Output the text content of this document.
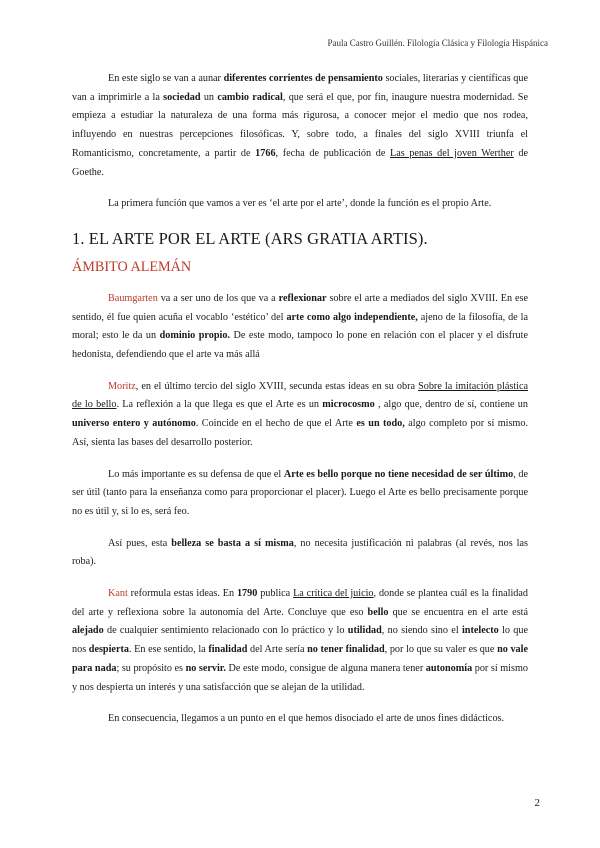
Paula Castro Guillén. Filología Clásica y Filología Hispánica

En este siglo se van a aunar diferentes corrientes de pensamiento sociales, literarias y científicas que van a imprimirle a la sociedad un cambio radical, que será el que, por fin, inaugure nuestra modernidad. Se empieza a estudiar la naturaleza de una forma más rigurosa, a conocer mejor el medio que nos rodea, influyendo en nuestras percepciones filosóficas. Y, sobre todo, a finales del siglo XVIII triunfa el Romanticismo, concretamente, a partir de 1766, fecha de publicación de Las penas del joven Werther de Goethe.

La primera función que vamos a ver es ‘el arte por el arte’, donde la función es el propio Arte.

1. EL ARTE POR EL ARTE (ARS GRATIA ARTIS).
ÁMBITO ALEMÁN

Baumgarten va a ser uno de los que va a reflexionar sobre el arte a mediados del siglo XVIII. En ese sentido, él fue quien acuña el vocablo ‘estético’ del arte como algo independiente, ajeno de la filosofía, de la moral; esto le da un dominio propio. De este modo, tampoco lo pone en relación con el placer y el disfrute hedonista, defendiendo que el arte va más allá

Moritz, en el último tercio del siglo XVIII, secunda estas ideas en su obra Sobre la imitación plástica de lo bello. La reflexión a la que llega es que el Arte es un microcosmo , algo que, dentro de sí, contiene un universo entero y autónomo. Coincide en el hecho de que el Arte es un todo, algo completo por sí mismo. Así, sienta las bases del desarrollo posterior.

Lo más importante es su defensa de que el Arte es bello porque no tiene necesidad de ser último, de ser útil (tanto para la enseñanza como para proporcionar el placer). Luego el Arte es bello precisamente porque no es útil y, si lo es, será feo.

Así pues, esta belleza se basta a sí misma, no necesita justificación ni palabras (al revés, nos las roba).

Kant reformula estas ideas. En 1790 publica La crítica del juicio, donde se plantea cuál es la finalidad del arte y reflexiona sobre la autonomía del Arte. Concluye que eso bello que se encuentra en el arte está alejado de cualquier sentimiento relacionado con lo práctico y lo utilidad, no siendo sino el intelecto lo que nos despierta. En ese sentido, la finalidad del Arte sería no tener finalidad, por lo que su valer es que no vale para nada; su propósito es no servir. De este modo, consigue de alguna manera tener autonomía por sí mismo y nos despierta un interés y una satisfacción que se alejan de la utilidad.

En consecuencia, llegamos a un punto en el que hemos disociado el arte de unos fines didácticos.

2
